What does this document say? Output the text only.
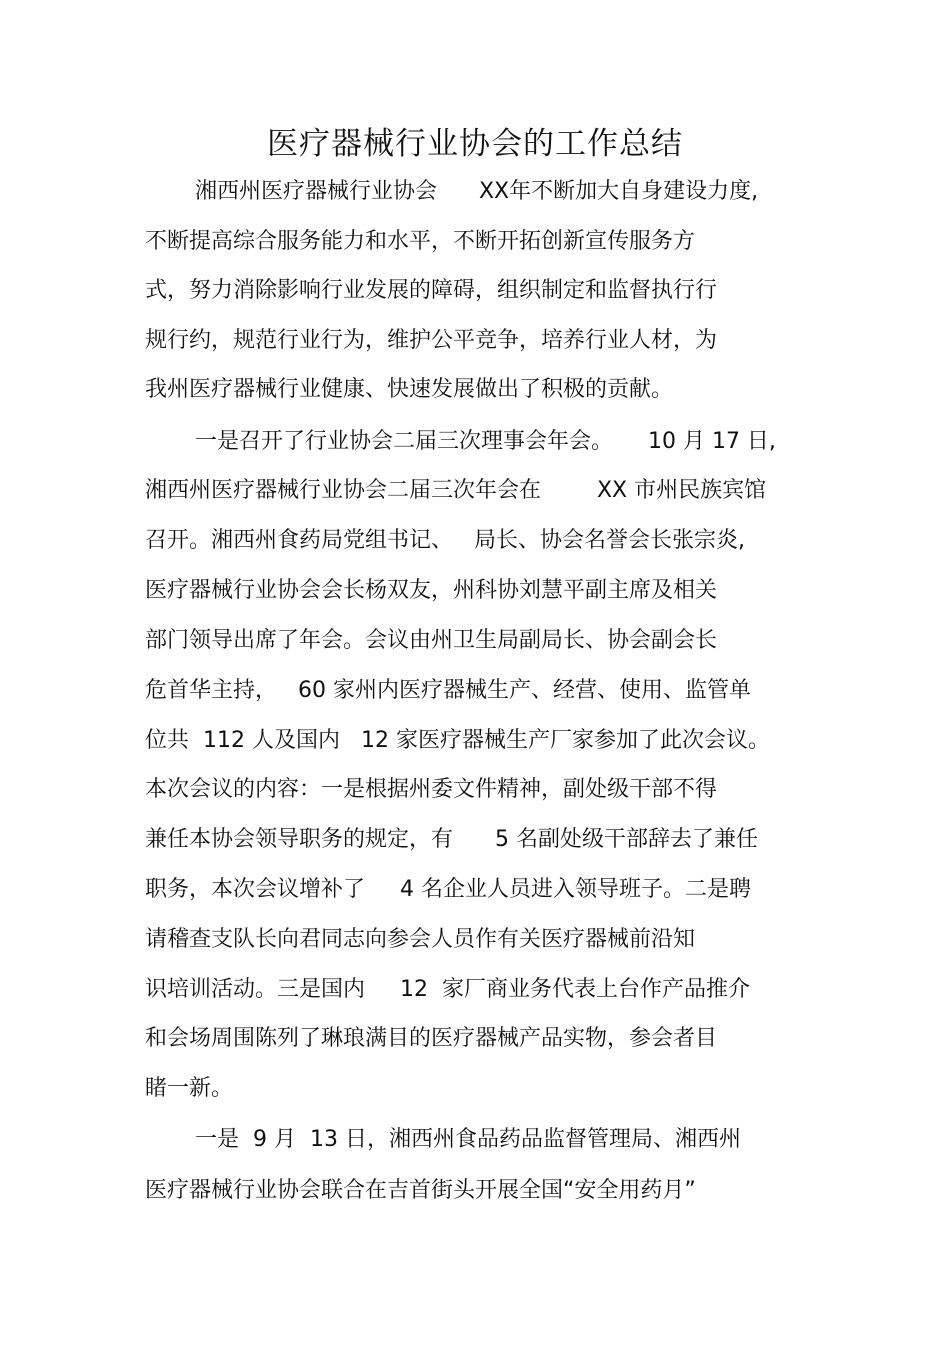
医疗器械行业协会的工作总结
湘西州医疗器械行业协会      XX年不断加大自身建设力度,
不断提高综合服务能力和水平，不断开拓创新宣传服务方
式，努力消除影响行业发展的障碍，组织制定和监督执行行
规行约，规范行业行为，维护公平竞争，培养行业人材，为
我州医疗器械行业健康、快速发展做出了积极的贡献。
一是召开了行业协会二届三次理事会年会。     10 月 17 日,
湘西州医疗器械行业协会二届三次年会在        XX 市州民族宾馆
召开。湘西州食药局党组书记、   局长、协会名誉会长张宗炎,
医疗器械行业协会会长杨双友，州科协刘慧平副主席及相关
部门领导出席了年会。会议由州卫生局副局长、协会副会长
危首华主持，   60 家州内医疗器械生产、经营、使用、监管单
位共  112 人及国内   12 家医疗器械生产厂家参加了此次会议。
本次会议的内容：一是根据州委文件精神，副处级干部不得
兼任本协会领导职务的规定，有      5 名副处级干部辞去了兼任
职务，本次会议增补了     4 名企业人员进入领导班子。二是聘
请稽查支队长向君同志向参会人员作有关医疗器械前沿知
识培训活动。三是国内     12  家厂商业务代表上台作产品推介
和会场周围陈列了琳琅满目的医疗器械产品实物，参会者目
睹一新。
一是  9 月  13 日，湘西州食品药品监督管理局、湘西州
医疗器械行业协会联合在吉首街头开展全国“安全用药月”
